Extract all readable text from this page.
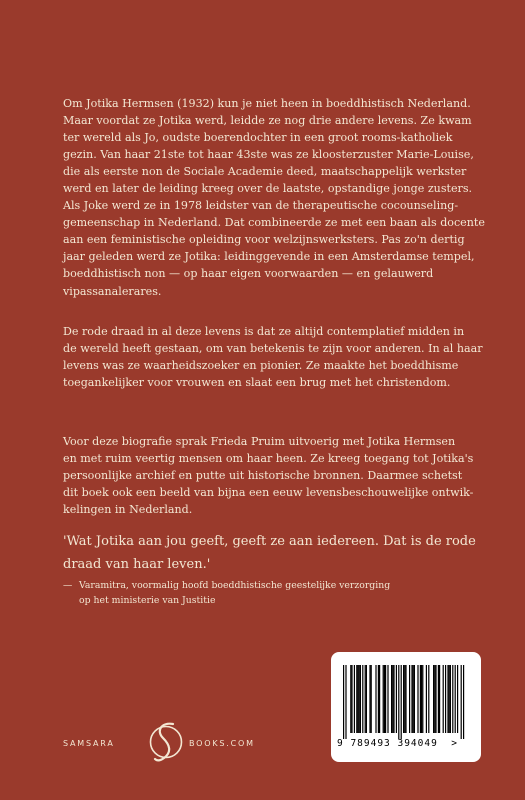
Om Jotika Hermsen (1932) kun je niet heen in boeddhistisch Nederland.
Maar voordat ze Jotika werd, leidde ze nog drie andere levens. Ze kwam
ter wereld als Jo, oudste boerendochter in een groot rooms-katholiek
gezin. Van haar 21ste tot haar 43ste was ze kloosterzuster Marie-Louise,
die als eerste non de Sociale Academie deed, maatschappelijk werkster
werd en later de leiding kreeg over de laatste, opstandige jonge zusters.
Als Joke werd ze in 1978 leidster van de therapeutische cocounseling-
gemeenschap in Nederland. Dat combineerde ze met een baan als docente
aan een feministische opleiding voor welzijnswerksters. Pas zo'n dertig
jaar geleden werd ze Jotika: leidinggevende in een Amsterdamse tempel,
boeddhistisch non — op haar eigen voorwaarden — en gelauwerd
vipassanalerares.
De rode draad in al deze levens is dat ze altijd contemplatief midden in
de wereld heeft gestaan, om van betekenis te zijn voor anderen. In al haar
levens was ze waarheidszoeker en pionier. Ze maakte het boeddhisme
toegankelijker voor vrouwen en slaat een brug met het christendom.
Voor deze biografie sprak Frieda Pruim uitvoerig met Jotika Hermsen
en met ruim veertig mensen om haar heen. Ze kreeg toegang tot Jotika's
persoonlijke archief en putte uit historische bronnen. Daarmee schetst
dit boek ook een beeld van bijna een eeuw levensbeschouwelijke ontwik-
kelingen in Nederland.
'Wat Jotika aan jou geeft, geeft ze aan iedereen. Dat is de rode
draad van haar leven.'
— Varamitra, voormalig hoofd boeddhistische geestelijke verzorging
op het ministerie van Justitie
SAMSARA	BOOKS.COM	9 789493 394049 >
